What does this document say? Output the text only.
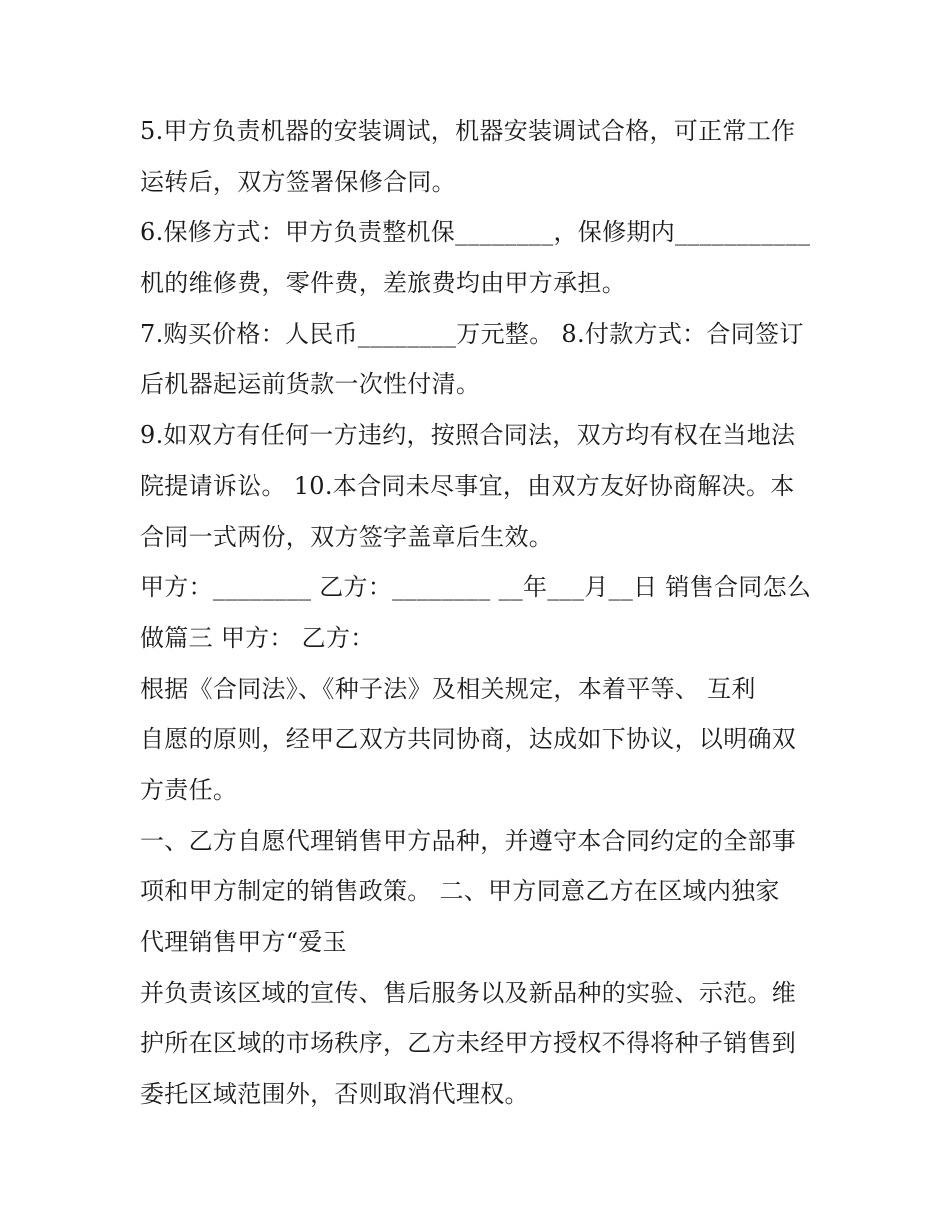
5.甲方负责机器的安装调试，机器安装调试合格，可正常工作
运转后，双方签署保修合同。
6.保修方式：甲方负责整机保________，保修期内___________
机的维修费，零件费，差旅费均由甲方承担。
7.购买价格：人民币________万元整。 8.付款方式：合同签订
后机器起运前货款一次性付清。
9.如双方有任何一方违约，按照合同法，双方均有权在当地法
院提请诉讼。 10.本合同未尽事宜，由双方友好协商解决。本
合同一式两份，双方签字盖章后生效。
甲方：________ 乙方：________ __年___月__日 销售合同怎么
做篇三 甲方： 乙方：
根据《合同法》、《种子法》及相关规定，本着平等、 互利
自愿的原则，经甲乙双方共同协商，达成如下协议，以明确双
方责任。
一、乙方自愿代理销售甲方品种，并遵守本合同约定的全部事
项和甲方制定的销售政策。 二、甲方同意乙方在区域内独家
代理销售甲方“爱玉
并负责该区域的宣传、售后服务以及新品种的实验、示范。维
护所在区域的市场秩序，乙方未经甲方授权不得将种子销售到
委托区域范围外，否则取消代理权。
